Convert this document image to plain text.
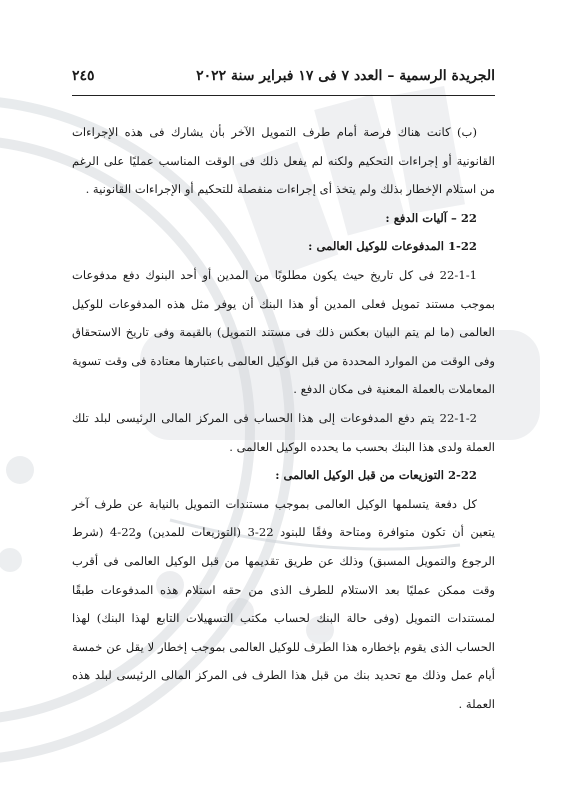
الجريدة الرسمية – العدد ٧ فى ١٧ فبراير سنة ٢٠٢٢
٢٤٥

(ب) كانت هناك فرصة أمام طرف التمويل الآخر بأن يشارك فى هذه الإجراءات القانونية أو إجراءات التحكيم ولكنه لم يفعل ذلك فى الوقت المناسب عمليًا على الرغم من استلام الإخطار بذلك ولم يتخذ أى إجراءات منفصلة للتحكيم أو الإجراءات القانونية .

22 – آليات الدفع :

1-22 المدفوعات للوكيل العالمى :

22-1-1 فى كل تاريخ حيث يكون مطلوبًا من المدين أو أحد البنوك دفع مدفوعات بموجب مستند تمويل فعلى المدين أو هذا البنك أن يوفر مثل هذه المدفوعات للوكيل العالمى (ما لم يتم البيان بعكس ذلك فى مستند التمويل) بالقيمة وفى تاريخ الاستحقاق وفى الوقت من الموارد المحددة من قبل الوكيل العالمى باعتبارها معتادة فى وقت تسوية المعاملات بالعملة المعنية فى مكان الدفع .

22-1-2 يتم دفع المدفوعات إلى هذا الحساب فى المركز المالى الرئيسى لبلد تلك العملة ولدى هذا البنك بحسب ما يحدده الوكيل العالمى .

2-22 التوزيعات من قبل الوكيل العالمى :

كل دفعة يتسلمها الوكيل العالمى بموجب مستندات التمويل بالنيابة عن طرف آخر يتعين أن تكون متوافرة ومتاحة وفقًا للبنود 22-3 (التوزيعات للمدين) و22-4 (شرط الرجوع والتمويل المسبق) وذلك عن طريق تقديمها من قبل الوكيل العالمى فى أقرب وقت ممكن عمليًا بعد الاستلام للطرف الذى من حقه استلام هذه المدفوعات طبقًا لمستندات التمويل (وفى حالة البنك لحساب مكتب التسهيلات التابع لهذا البنك) لهذا الحساب الذى يقوم بإخطاره هذا الطرف للوكيل العالمى بموجب إخطار لا يقل عن خمسة أيام عمل وذلك مع تحديد بنك من قبل هذا الطرف فى المركز المالى الرئيسى لبلد هذه العملة .
